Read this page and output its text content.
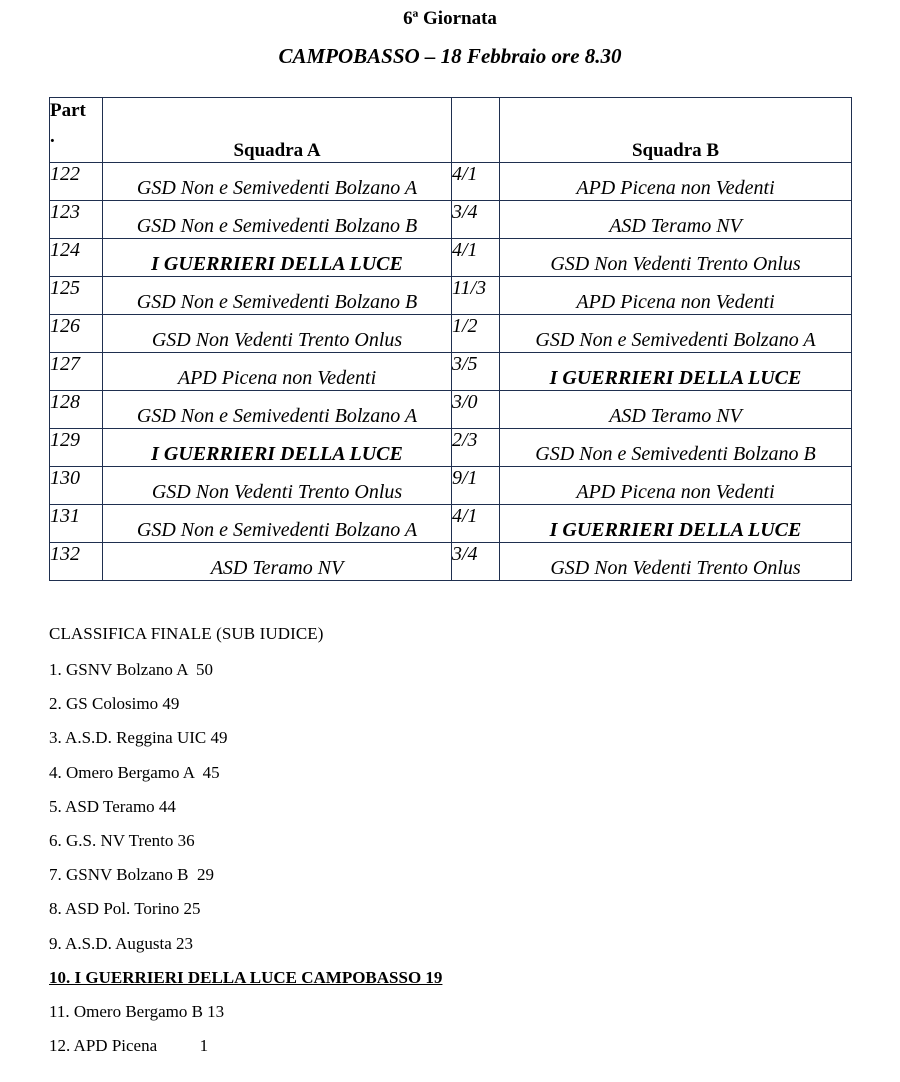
6ª Giornata
CAMPOBASSO – 18 Febbraio ore 8.30
Part
.	Squadra A		Squadra B
122	GSD Non e Semivedenti Bolzano A	4/1	APD Picena non Vedenti
123	GSD Non e Semivedenti Bolzano B	3/4	ASD Teramo NV
124	I GUERRIERI DELLA LUCE	4/1	GSD Non Vedenti Trento Onlus
125	GSD Non e Semivedenti Bolzano B	11/3	APD Picena non Vedenti
126	GSD Non Vedenti Trento Onlus	1/2	GSD Non e Semivedenti Bolzano A
127	APD Picena non Vedenti	3/5	I GUERRIERI DELLA LUCE
128	GSD Non e Semivedenti Bolzano A	3/0	ASD Teramo NV
129	I GUERRIERI DELLA LUCE	2/3	GSD Non e Semivedenti Bolzano B
130	GSD Non Vedenti Trento Onlus	9/1	APD Picena non Vedenti
131	GSD Non e Semivedenti Bolzano A	4/1	I GUERRIERI DELLA LUCE
132	ASD Teramo NV	3/4	GSD Non Vedenti Trento Onlus
CLASSIFICA FINALE (SUB IUDICE)
1. GSNV Bolzano A  50
2. GS Colosimo 49
3. A.S.D. Reggina UIC 49
4. Omero Bergamo A  45
5. ASD Teramo 44
6. G.S. NV Trento 36
7. GSNV Bolzano B  29
8. ASD Pol. Torino 25
9. A.S.D. Augusta 23
10. I GUERRIERI DELLA LUCE CAMPOBASSO 19
11. Omero Bergamo B 13
12. APD Picena          1
